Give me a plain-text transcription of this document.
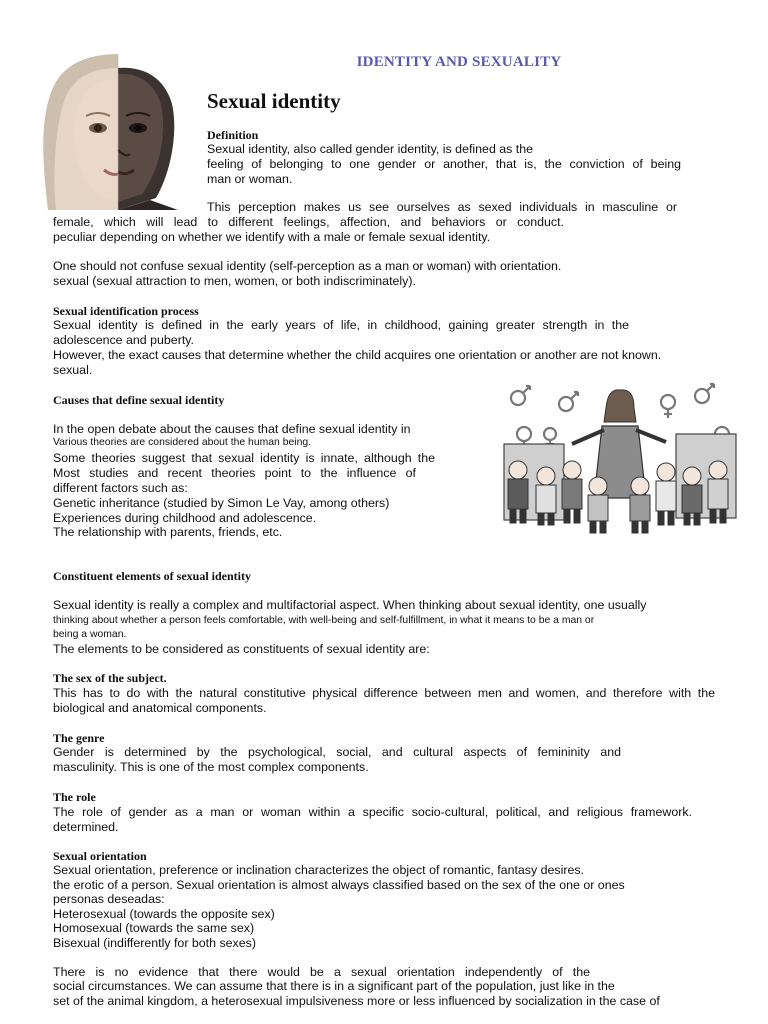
IDENTITY AND SEXUALITY
Sexual identity
Definition
Sexual identity, also called gender identity, is defined as the
feeling of belonging to one gender or another, that is, the conviction of being
man or woman.
This perception makes us see ourselves as sexed individuals in masculine or
female, which will lead to different feelings, affection, and behaviors or conduct.
peculiar depending on whether we identify with a male or female sexual identity.
One should not confuse sexual identity (self-perception as a man or woman) with orientation.
sexual (sexual attraction to men, women, or both indiscriminately).
Sexual identification process
Sexual identity is defined in the early years of life, in childhood, gaining greater strength in the
adolescence and puberty.
However, the exact causes that determine whether the child acquires one orientation or another are not known.
sexual.
Causes that define sexual identity
In the open debate about the causes that define sexual identity in
Various theories are considered about the human being.
Some theories suggest that sexual identity is innate, although the
Most studies and recent theories point to the influence of
different factors such as:
Genetic inheritance (studied by Simon Le Vay, among others)
Experiences during childhood and adolescence.
The relationship with parents, friends, etc.
Constituent elements of sexual identity
Sexual identity is really a complex and multifactorial aspect. When thinking about sexual identity, one usually
thinking about whether a person feels comfortable, with well-being and self-fulfillment, in what it means to be a man or
being a woman.
The elements to be considered as constituents of sexual identity are:
The sex of the subject.
This has to do with the natural constitutive physical difference between men and women, and therefore with the
biological and anatomical components.
The genre
Gender is determined by the psychological, social, and cultural aspects of femininity and
masculinity. This is one of the most complex components.
The role
The role of gender as a man or woman within a specific socio-cultural, political, and religious framework.
determined.
Sexual orientation
Sexual orientation, preference or inclination characterizes the object of romantic, fantasy desires.
the erotic of a person. Sexual orientation is almost always classified based on the sex of the one or ones
personas deseadas:
Heterosexual (towards the opposite sex)
Homosexual (towards the same sex)
Bisexual (indifferently for both sexes)
There is no evidence that there would be a sexual orientation independently of the
social circumstances. We can assume that there is in a significant part of the population, just like in the
set of the animal kingdom, a heterosexual impulsiveness more or less influenced by socialization in the case of
